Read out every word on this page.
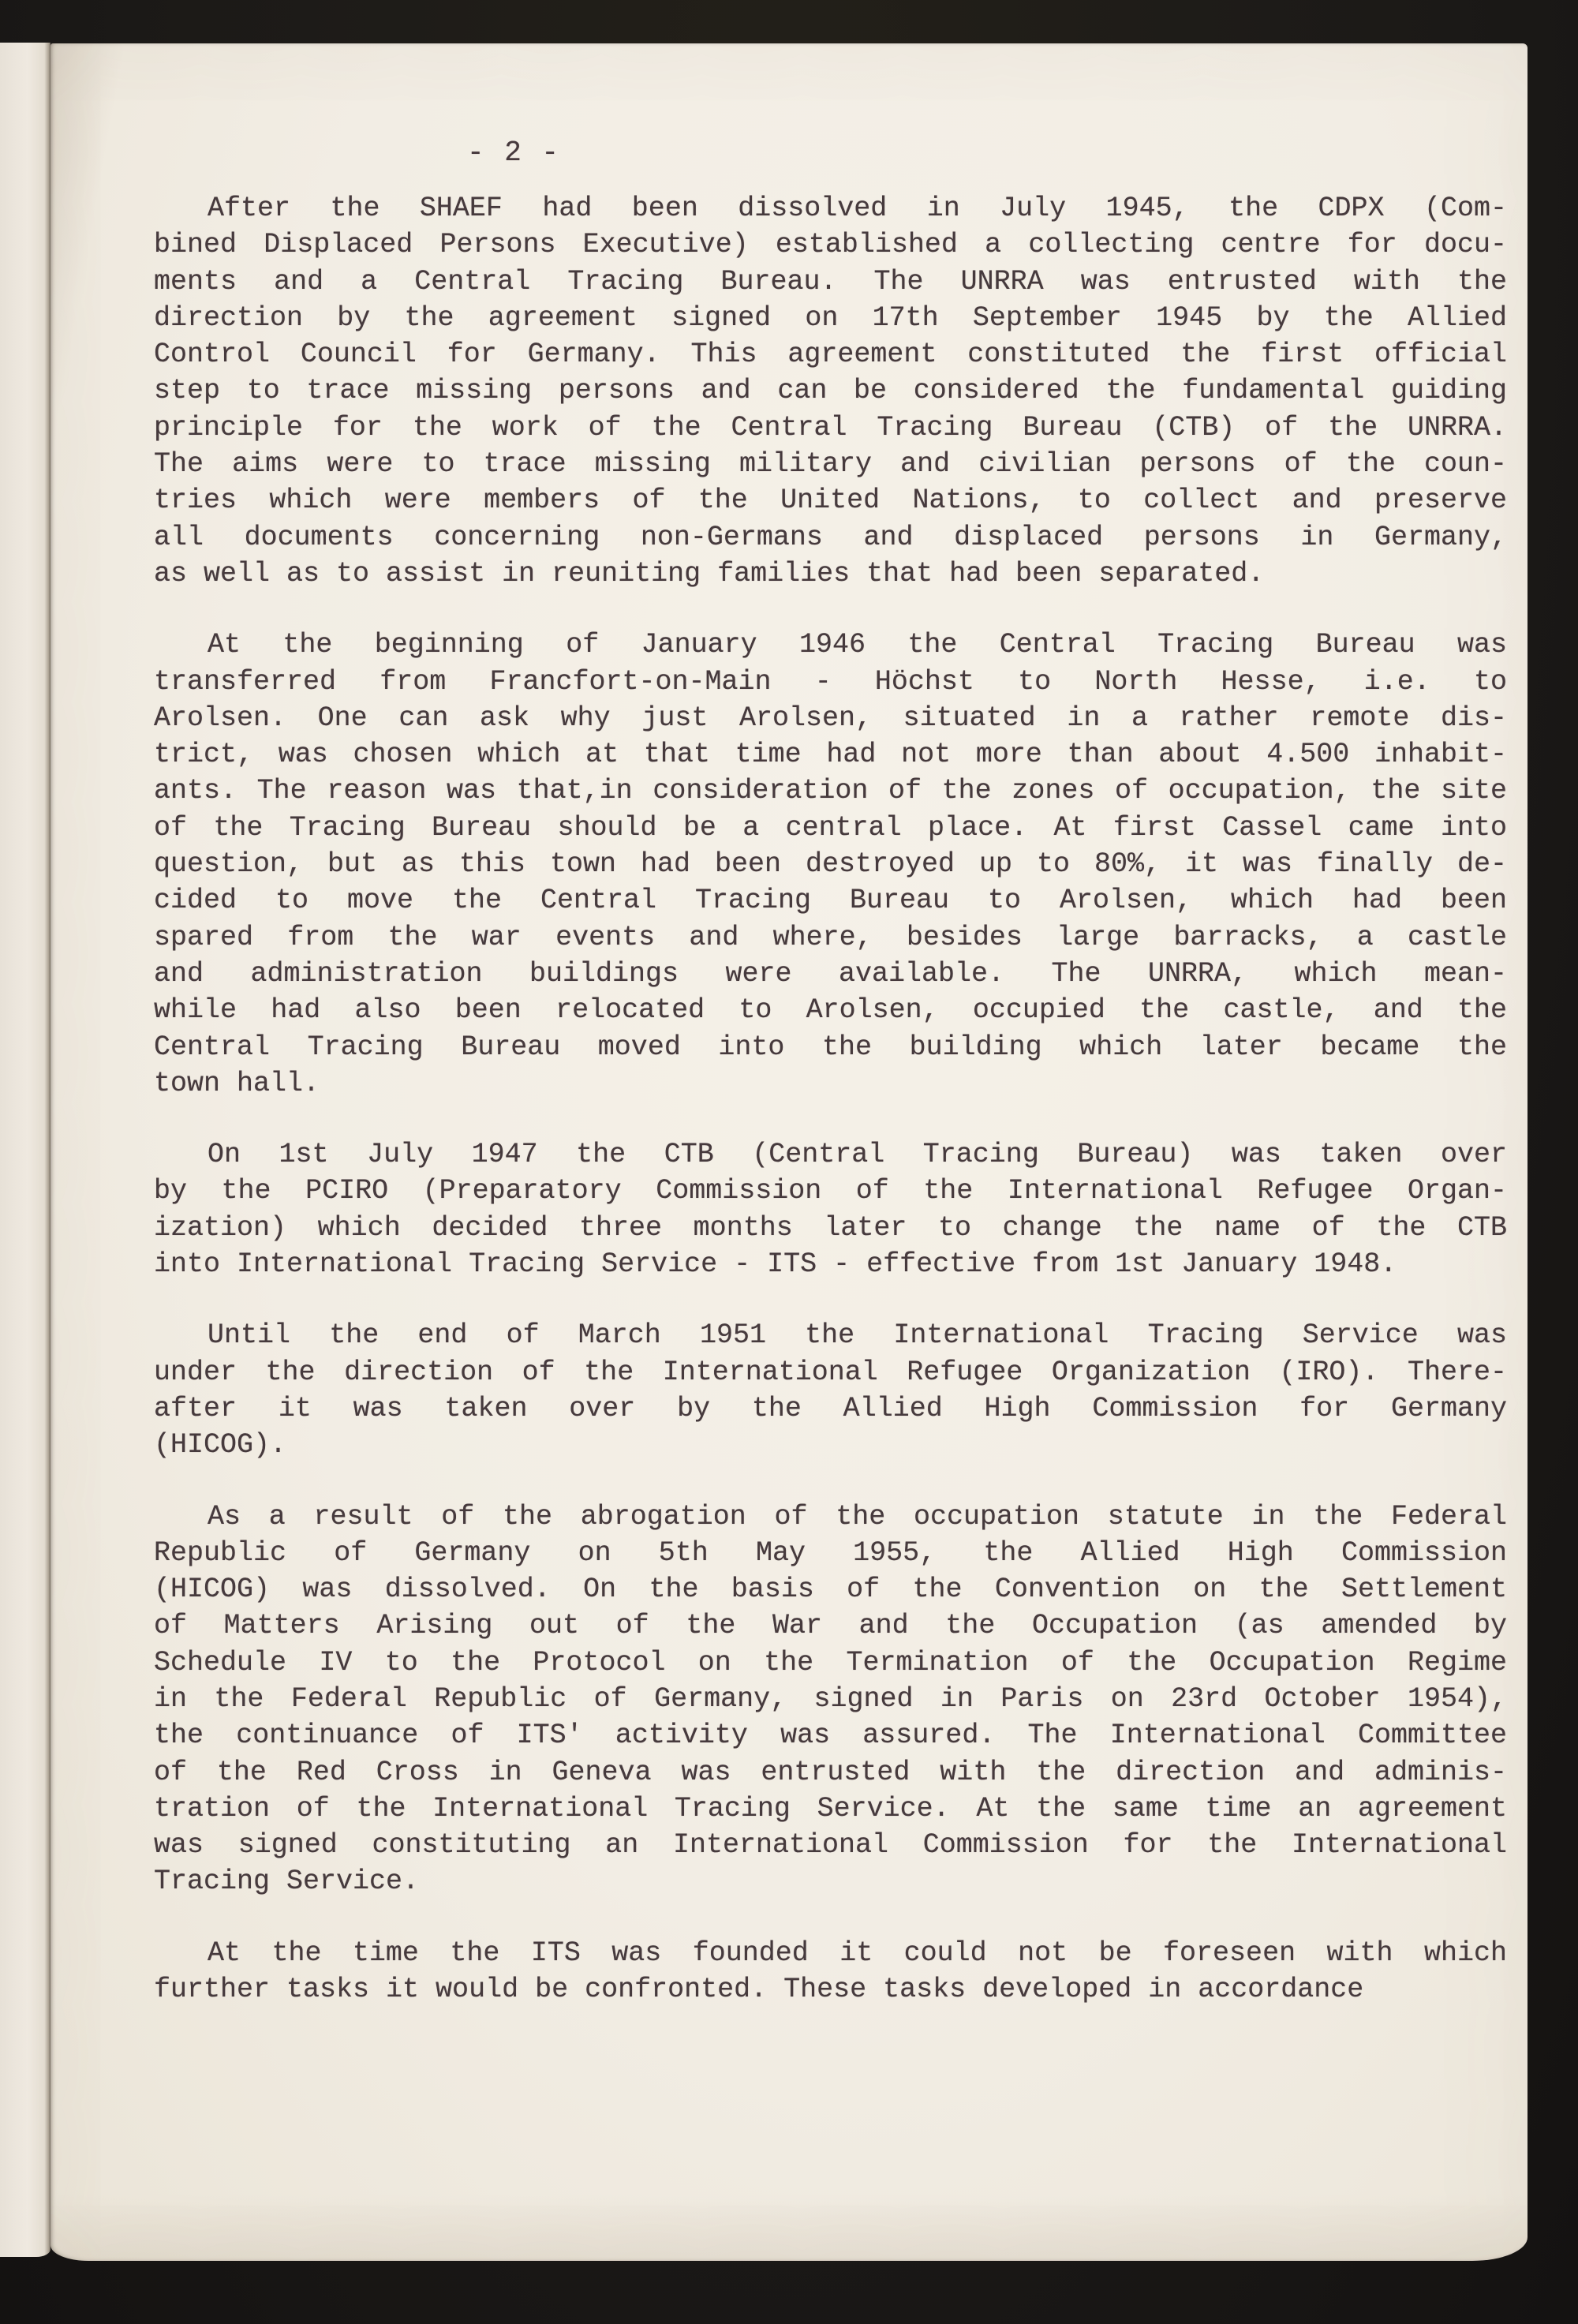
- 2 -
After the SHAEF had been dissolved in July 1945, the CDPX (Com-
bined Displaced Persons Executive) established a collecting centre for docu-
ments and a Central Tracing Bureau. The UNRRA was entrusted with the
direction by the agreement signed on 17th September 1945 by the Allied
Control Council for Germany. This agreement constituted the first official
step to trace missing persons and can be considered the fundamental guiding
principle for the work of the Central Tracing Bureau (CTB) of the UNRRA.
The aims were to trace missing military and civilian persons of the coun-
tries which were members of the United Nations, to collect and preserve
all documents concerning non-Germans and displaced persons in Germany,
as well as to assist in reuniting families that had been separated.
At the beginning of January 1946 the Central Tracing Bureau was
transferred from Francfort-on-Main - Höchst to North Hesse, i.e. to
Arolsen. One can ask why just Arolsen, situated in a rather remote dis-
trict, was chosen which at that time had not more than about 4.500 inhabit-
ants. The reason was that,in consideration of the zones of occupation, the site
of the Tracing Bureau should be a central place. At first Cassel came into
question, but as this town had been destroyed up to 80%, it was finally de-
cided to move the Central Tracing Bureau to Arolsen, which had been
spared from the war events and where, besides large barracks, a castle
and administration buildings were available. The UNRRA, which mean-
while had also been relocated to Arolsen, occupied the castle, and the
Central Tracing Bureau moved into the building which later became the
town hall.
On 1st July 1947 the CTB (Central Tracing Bureau) was taken over
by the PCIRO (Preparatory Commission of the International Refugee Organ-
ization) which decided three months later to change the name of the CTB
into International Tracing Service - ITS - effective from 1st January 1948.
Until the end of March 1951 the International Tracing Service was
under the direction of the International Refugee Organization (IRO). There-
after it was taken over by the Allied High Commission for Germany
(HICOG).
As a result of the abrogation of the occupation statute in the Federal
Republic of Germany on 5th May 1955, the Allied High Commission
(HICOG) was dissolved. On the basis of the Convention on the Settlement
of Matters Arising out of the War and the Occupation (as amended by
Schedule IV to the Protocol on the Termination of the Occupation Regime
in the Federal Republic of Germany, signed in Paris on 23rd October 1954),
the continuance of ITS' activity was assured. The International Committee
of the Red Cross in Geneva was entrusted with the direction and adminis-
tration of the International Tracing Service. At the same time an agreement
was signed constituting an International Commission for the International
Tracing Service.
At the time the ITS was founded it could not be foreseen with which
further tasks it would be confronted. These tasks developed in accordance
